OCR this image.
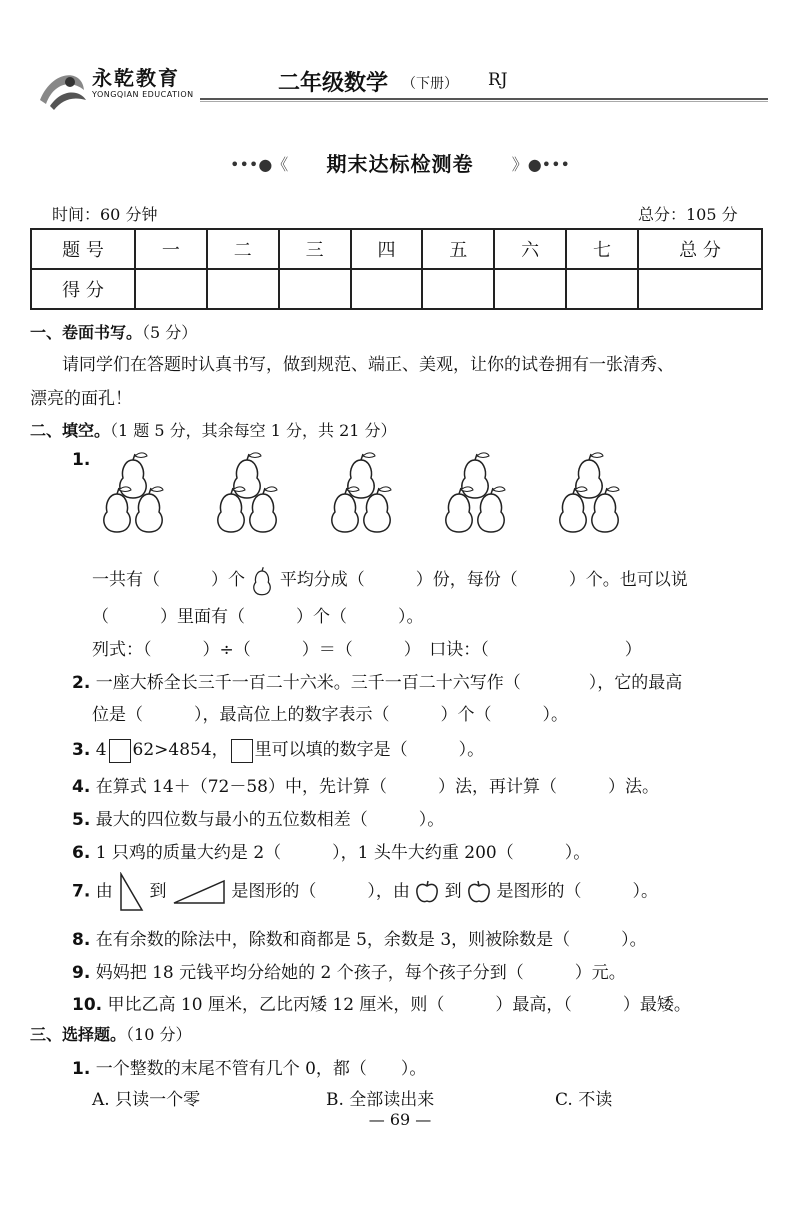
永乾教育
YONGQIAN EDUCATION	二年级数学 （下册） RJ
•••●《 期末达标检测卷 》●•••
时间：60 分钟	总分：105 分
题 号	一	二	三	四	五	六	七	总 分
得 分								
一、卷面书写。（5 分）
请同学们在答题时认真书写，做到规范、端正、美观，让你的试卷拥有一张清秀、
漂亮的面孔！
二、填空。（1 题 5 分，其余每空 1 分，共 21 分）
1.
一共有（　　　）个 平均分成（　　　）份，每份（　　　）个。也可以说
（　　　）里面有（　　　）个（　　　）。
列式：（　　　）÷（　　　）＝（　　　）　口诀：（　　　　　　　　）
2. 一座大桥全长三千一百二十六米。三千一百二十六写作（　　　　），它的最高
位是（　　　），最高位上的数字表示（　　　）个（　　　）。
3. 4 62>4854， 里可以填的数字是（　　　）。
4. 在算式 14＋（72－58）中，先计算（　　　）法，再计算（　　　）法。
5. 最大的四位数与最小的五位数相差（　　　）。
6. 1 只鸡的质量大约是 2（　　　），1 头牛大约重 200（　　　）。
7. 由 到	是图形的（　　　），由 到 是图形的（　　　）。
8. 在有余数的除法中，除数和商都是 5，余数是 3，则被除数是（　　　）。
9. 妈妈把 18 元钱平均分给她的 2 个孩子，每个孩子分到（　　　）元。
10. 甲比乙高 10 厘米，乙比丙矮 12 厘米，则（　　　）最高，（　　　）最矮。
三、选择题。（10 分）
1. 一个整数的末尾不管有几个 0，都（　　）。
A. 只读一个零	B. 全部读出来	C. 不读
— 69 —
